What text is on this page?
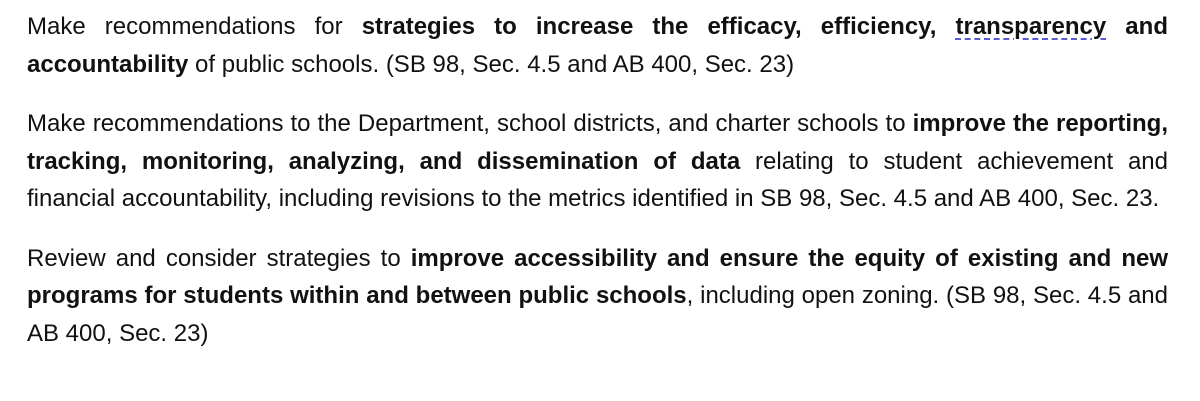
Make recommendations for strategies to increase the efficacy, efficiency, transparency and accountability of public schools. (SB 98, Sec. 4.5 and AB 400, Sec. 23)

Make recommendations to the Department, school districts, and charter schools to improve the reporting, tracking, monitoring, analyzing, and dissemination of data relating to student achievement and financial accountability, including revisions to the metrics identified in SB 98, Sec. 4.5 and AB 400, Sec. 23.

Review and consider strategies to improve accessibility and ensure the equity of existing and new programs for students within and between public schools, including open zoning. (SB 98, Sec. 4.5 and AB 400, Sec. 23)
